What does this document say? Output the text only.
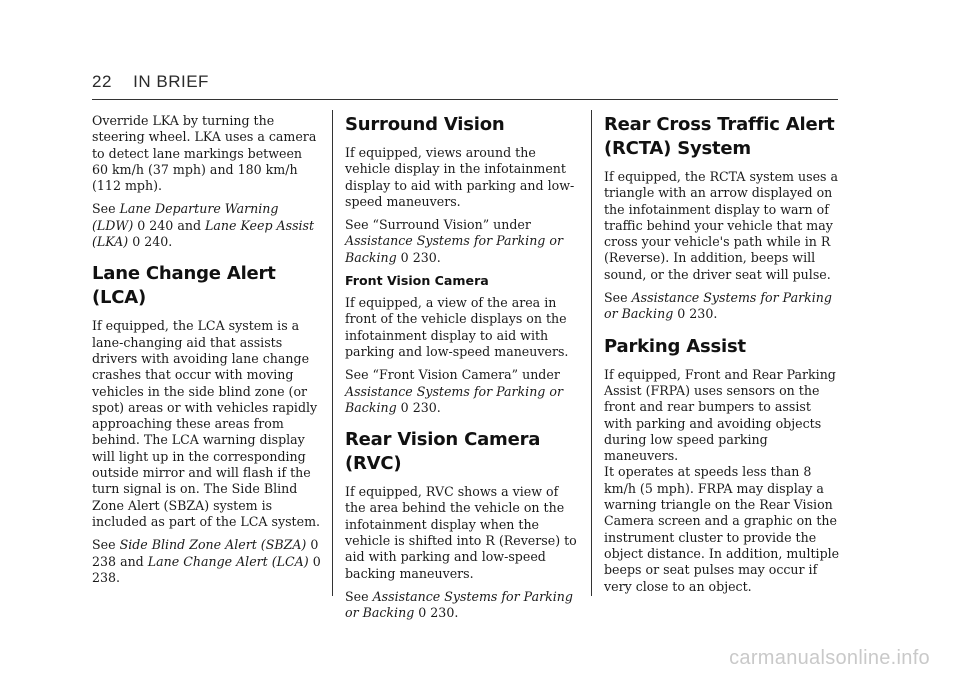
22 IN BRIEF

Override LKA by turning the steering wheel. LKA uses a camera to detect lane markings between 60 km/h (37 mph) and 180 km/h (112 mph).

See Lane Departure Warning (LDW) 0 240 and Lane Keep Assist (LKA) 0 240.

Lane Change Alert (LCA)

If equipped, the LCA system is a lane-changing aid that assists drivers with avoiding lane change crashes that occur with moving vehicles in the side blind zone (or spot) areas or with vehicles rapidly approaching these areas from behind. The LCA warning display will light up in the corresponding outside mirror and will flash if the turn signal is on. The Side Blind Zone Alert (SBZA) system is included as part of the LCA system.

See Side Blind Zone Alert (SBZA) 0 238 and Lane Change Alert (LCA) 0 238.

Surround Vision

If equipped, views around the vehicle display in the infotainment display to aid with parking and low-speed maneuvers.

See “Surround Vision” under Assistance Systems for Parking or Backing 0 230.

Front Vision Camera

If equipped, a view of the area in front of the vehicle displays on the infotainment display to aid with parking and low-speed maneuvers.

See “Front Vision Camera” under Assistance Systems for Parking or Backing 0 230.

Rear Vision Camera (RVC)

If equipped, RVC shows a view of the area behind the vehicle on the infotainment display when the vehicle is shifted into R (Reverse) to aid with parking and low-speed backing maneuvers.

See Assistance Systems for Parking or Backing 0 230.

Rear Cross Traffic Alert (RCTA) System

If equipped, the RCTA system uses a triangle with an arrow displayed on the infotainment display to warn of traffic behind your vehicle that may cross your vehicle's path while in R (Reverse). In addition, beeps will sound, or the driver seat will pulse.

See Assistance Systems for Parking or Backing 0 230.

Parking Assist

If equipped, Front and Rear Parking Assist (FRPA) uses sensors on the front and rear bumpers to assist with parking and avoiding objects during low speed parking maneuvers.

It operates at speeds less than 8 km/h (5 mph). FRPA may display a warning triangle on the Rear Vision Camera screen and a graphic on the instrument cluster to provide the object distance. In addition, multiple beeps or seat pulses may occur if very close to an object.

carmanualsonline.info
